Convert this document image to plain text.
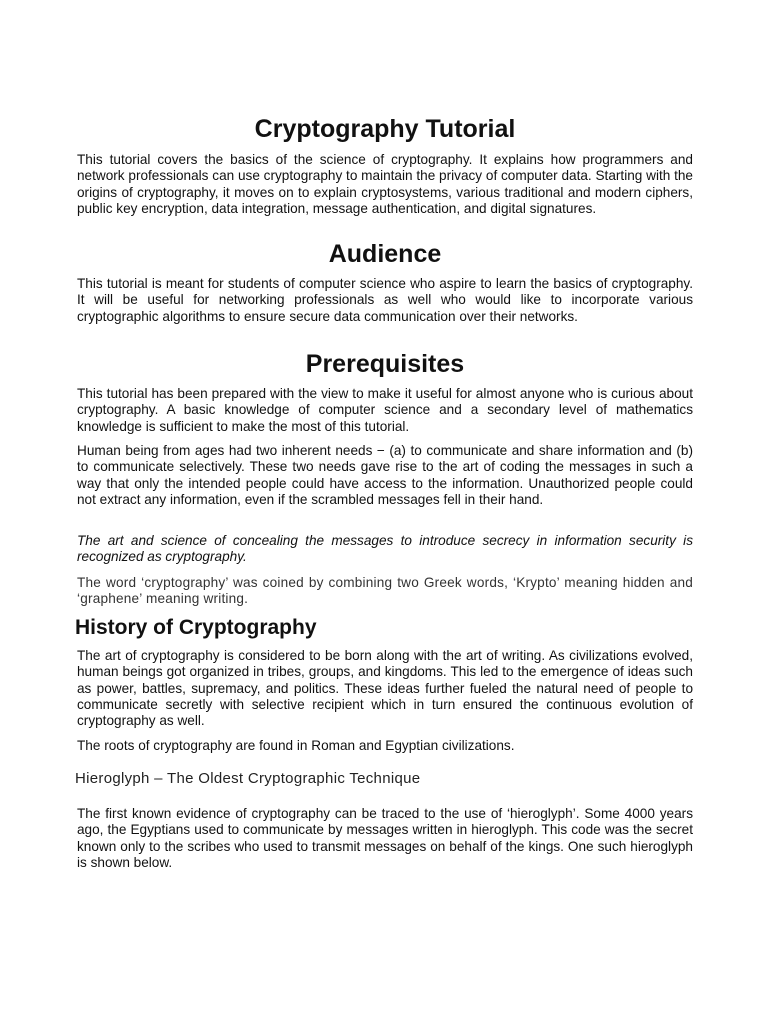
Cryptography Tutorial

This tutorial covers the basics of the science of cryptography. It explains how programmers and network professionals can use cryptography to maintain the privacy of computer data. Starting with the origins of cryptography, it moves on to explain cryptosystems, various traditional and modern ciphers, public key encryption, data integration, message authentication, and digital signatures.

Audience

This tutorial is meant for students of computer science who aspire to learn the basics of cryptography. It will be useful for networking professionals as well who would like to incorporate various cryptographic algorithms to ensure secure data communication over their networks.

Prerequisites

This tutorial has been prepared with the view to make it useful for almost anyone who is curious about cryptography. A basic knowledge of computer science and a secondary level of mathematics knowledge is sufficient to make the most of this tutorial.

Human being from ages had two inherent needs − (a) to communicate and share information and (b) to communicate selectively. These two needs gave rise to the art of coding the messages in such a way that only the intended people could have access to the information. Unauthorized people could not extract any information, even if the scrambled messages fell in their hand.

The art and science of concealing the messages to introduce secrecy in information security is recognized as cryptography.

The word ‘cryptography’ was coined by combining two Greek words, ‘Krypto’ meaning hidden and ‘graphene’ meaning writing.

History of Cryptography

The art of cryptography is considered to be born along with the art of writing. As civilizations evolved, human beings got organized in tribes, groups, and kingdoms. This led to the emergence of ideas such as power, battles, supremacy, and politics. These ideas further fueled the natural need of people to communicate secretly with selective recipient which in turn ensured the continuous evolution of cryptography as well.

The roots of cryptography are found in Roman and Egyptian civilizations.

Hieroglyph – The Oldest Cryptographic Technique

The first known evidence of cryptography can be traced to the use of ‘hieroglyph’. Some 4000 years ago, the Egyptians used to communicate by messages written in hieroglyph. This code was the secret known only to the scribes who used to transmit messages on behalf of the kings. One such hieroglyph is shown below.
